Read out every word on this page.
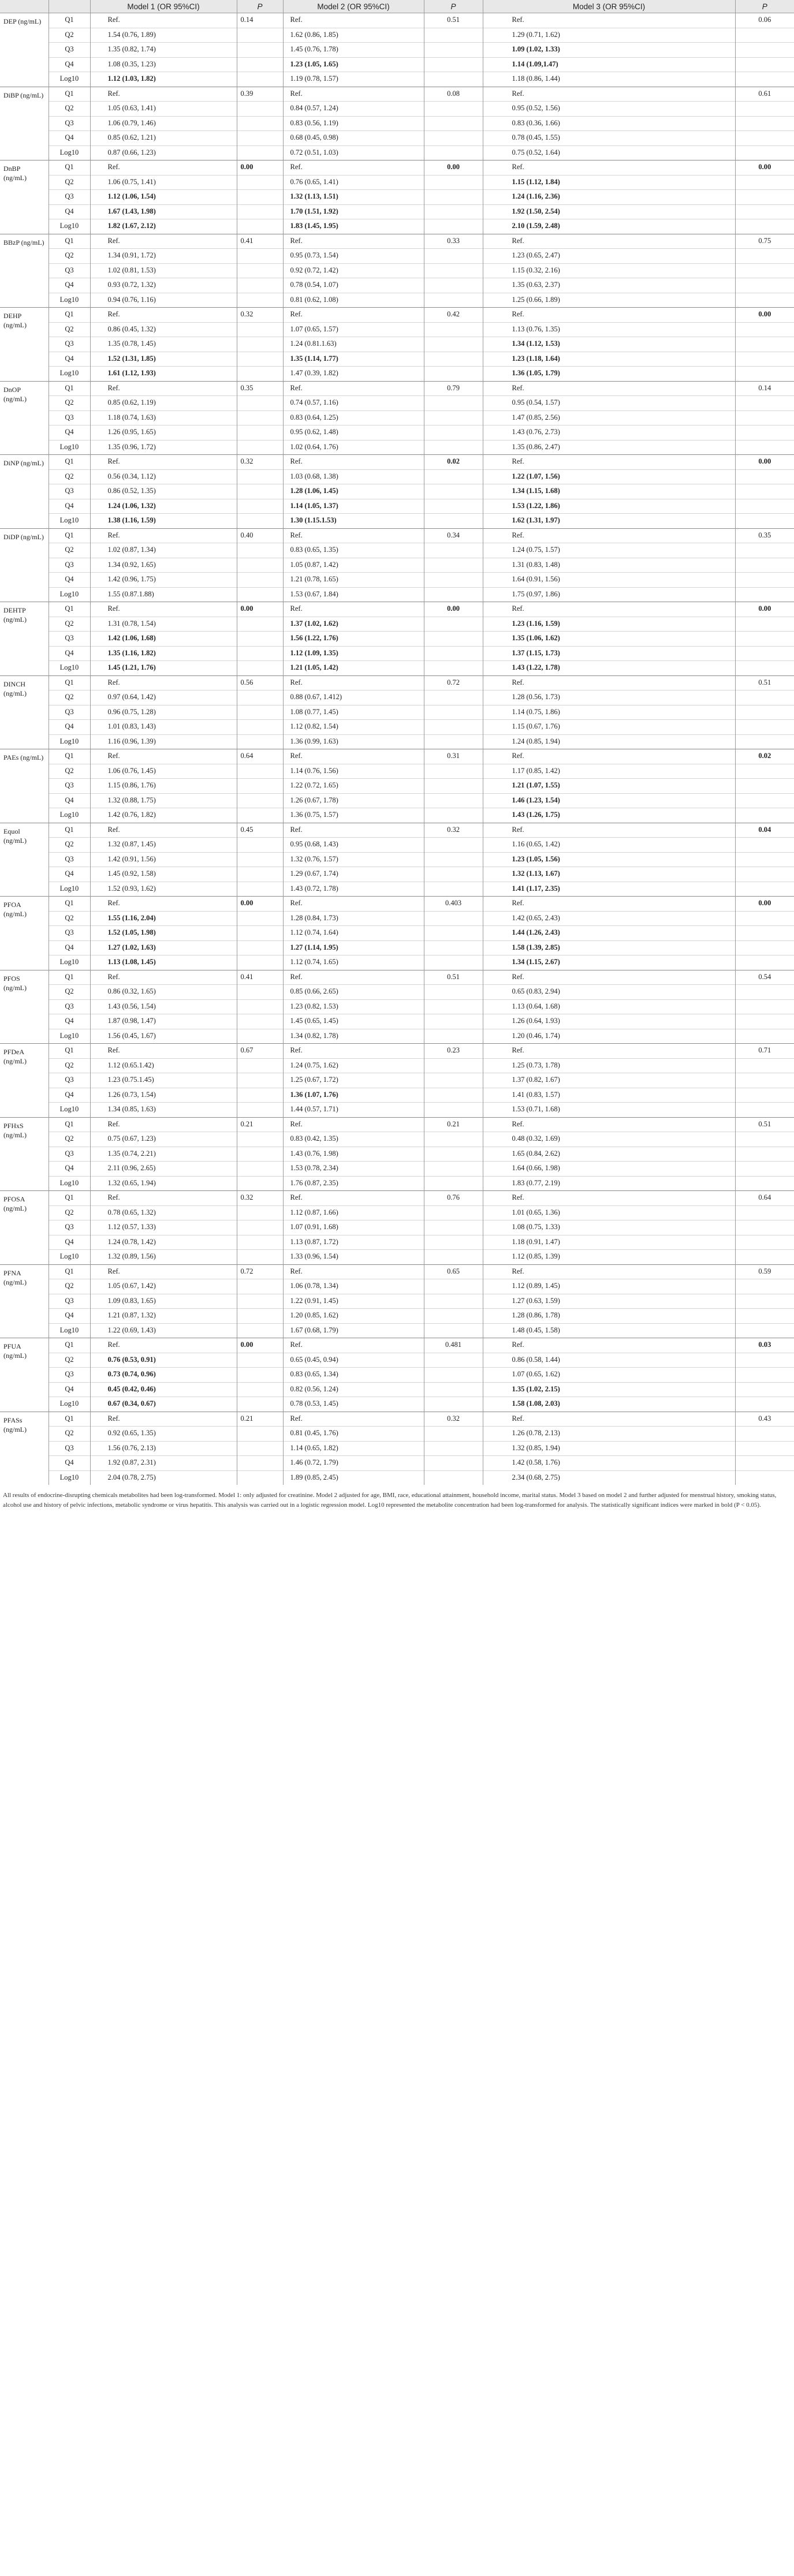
		Model 1 (OR 95%CI)	P	Model 2 (OR 95%CI)	P	Model 3 (OR 95%CI)	P
DEP (ng/mL)	Q1	Ref.	0.14	Ref.	0.51	Ref.	0.06
	Q2	1.54 (0.76, 1.89)		1.62 (0.86, 1.85)		1.29 (0.71, 1.62)	
	Q3	1.35 (0.82, 1.74)		1.45 (0.76, 1.78)		1.09 (1.02, 1.33)	
	Q4	1.08 (0.35, 1.23)		1.23 (1.05, 1.65)		1.14 (1.09,1.47)	
	Log10	1.12 (1.03, 1.82)		1.19 (0.78, 1.57)		1.18 (0.86, 1.44)	
DiBP (ng/mL)	Q1	Ref.	0.39	Ref.	0.08	Ref.	0.61
	Q2	1.05 (0.63, 1.41)		0.84 (0.57, 1.24)		0.95 (0.52, 1.56)	
	Q3	1.06 (0.79, 1.46)		0.83 (0.56, 1.19)		0.83 (0.36, 1.66)	
	Q4	0.85 (0.62, 1.21)		0.68 (0.45, 0.98)		0.78 (0.45, 1.55)	
	Log10	0.87 (0.66, 1.23)		0.72 (0.51, 1.03)		0.75 (0.52, 1.64)	
DnBP (ng/mL)	Q1	Ref.	0.00	Ref.	0.00	Ref.	0.00
	Q2	1.06 (0.75, 1.41)		0.76 (0.65, 1.41)		1.15 (1.12, 1.84)	
	Q3	1.12 (1.06, 1.54)		1.32 (1.13, 1.51)		1.24 (1.16, 2.36)	
	Q4	1.67 (1.43, 1.98)		1.70 (1.51, 1.92)		1.92 (1.50, 2.54)	
	Log10	1.82 (1.67, 2.12)		1.83 (1.45, 1.95)		2.10 (1.59, 2.48)	
BBzP (ng/mL)	Q1	Ref.	0.41	Ref.	0.33	Ref.	0.75
	Q2	1.34 (0.91, 1.72)		0.95 (0.73, 1.54)		1.23 (0.65, 2.47)	
	Q3	1.02 (0.81, 1.53)		0.92 (0.72, 1.42)		1.15 (0.32, 2.16)	
	Q4	0.93 (0.72, 1.32)		0.78 (0.54, 1.07)		1.35 (0.63, 2.37)	
	Log10	0.94 (0.76, 1.16)		0.81 (0.62, 1.08)		1.25 (0.66, 1.89)	
DEHP (ng/mL)	Q1	Ref.	0.32	Ref.	0.42	Ref.	0.00
	Q2	0.86 (0.45, 1.32)		1.07 (0.65, 1.57)		1.13 (0.76, 1.35)	
	Q3	1.35 (0.78, 1.45)		1.24 (0.81.1.63)		1.34 (1.12, 1.53)	
	Q4	1.52 (1.31, 1.85)		1.35 (1.14, 1.77)		1.23 (1.18, 1.64)	
	Log10	1.61 (1.12, 1.93)		1.47 (0.39, 1.82)		1.36 (1.05, 1.79)	
DnOP (ng/mL)	Q1	Ref.	0.35	Ref.	0.79	Ref.	0.14
	Q2	0.85 (0.62, 1.19)		0.74 (0.57, 1.16)		0.95 (0.54, 1.57)	
	Q3	1.18 (0.74, 1.63)		0.83 (0.64, 1.25)		1.47 (0.85, 2.56)	
	Q4	1.26 (0.95, 1.65)		0.95 (0.62, 1.48)		1.43 (0.76, 2.73)	
	Log10	1.35 (0.96, 1.72)		1.02 (0.64, 1.76)		1.35 (0.86, 2.47)	
DiNP (ng/mL)	Q1	Ref.	0.32	Ref.	0.02	Ref.	0.00
	Q2	0.56 (0.34, 1.12)		1.03 (0.68, 1.38)		1.22 (1.07, 1.56)	
	Q3	0.86 (0.52, 1.35)		1.28 (1.06, 1.45)		1.34 (1.15, 1.68)	
	Q4	1.24 (1.06, 1.32)		1.14 (1.05, 1.37)		1.53 (1.22, 1.86)	
	Log10	1.38 (1.16, 1.59)		1.30 (1.15.1.53)		1.62 (1.31, 1.97)	
DiDP (ng/mL)	Q1	Ref.	0.40	Ref.	0.34	Ref.	0.35
	Q2	1.02 (0.87, 1.34)		0.83 (0.65, 1.35)		1.24 (0.75, 1.57)	
	Q3	1.34 (0.92, 1.65)		1.05 (0.87, 1.42)		1.31 (0.83, 1.48)	
	Q4	1.42 (0.96, 1.75)		1.21 (0.78, 1.65)		1.64 (0.91, 1.56)	
	Log10	1.55 (0.87.1.88)		1.53 (0.67, 1.84)		1.75 (0.97, 1.86)	
DEHTP (ng/mL)	Q1	Ref.	0.00	Ref.	0.00	Ref.	0.00
	Q2	1.31 (0.78, 1.54)		1.37 (1.02, 1.62)		1.23 (1.16, 1.59)	
	Q3	1.42 (1.06, 1.68)		1.56 (1.22, 1.76)		1.35 (1.06, 1.62)	
	Q4	1.35 (1.16, 1.82)		1.12 (1.09, 1.35)		1.37 (1.15, 1.73)	
	Log10	1.45 (1.21, 1.76)		1.21 (1.05, 1.42)		1.43 (1.22, 1.78)	
DINCH (ng/mL)	Q1	Ref.	0.56	Ref.	0.72	Ref.	0.51
	Q2	0.97 (0.64, 1.42)		0.88 (0.67, 1.412)		1.28 (0.56, 1.73)	
	Q3	0.96 (0.75, 1.28)		1.08 (0.77, 1.45)		1.14 (0.75, 1.86)	
	Q4	1.01 (0.83, 1.43)		1.12 (0.82, 1.54)		1.15 (0.67, 1.76)	
	Log10	1.16 (0.96, 1.39)		1.36 (0.99, 1.63)		1.24 (0.85, 1.94)	
PAEs (ng/mL)	Q1	Ref.	0.64	Ref.	0.31	Ref.	0.02
	Q2	1.06 (0.76, 1.45)		1.14 (0.76, 1.56)		1.17 (0.85, 1.42)	
	Q3	1.15 (0.86, 1.76)		1.22 (0.72, 1.65)		1.21 (1.07, 1.55)	
	Q4	1.32 (0.88, 1.75)		1.26 (0.67, 1.78)		1.46 (1.23, 1.54)	
	Log10	1.42 (0.76, 1.82)		1.36 (0.75, 1.57)		1.43 (1.26, 1.75)	
Equol (ng/mL)	Q1	Ref.	0.45	Ref.	0.32	Ref.	0.04
	Q2	1.32 (0.87, 1.45)		0.95 (0.68, 1.43)		1.16 (0.65, 1.42)	
	Q3	1.42 (0.91, 1.56)		1.32 (0.76, 1.57)		1.23 (1.05, 1.56)	
	Q4	1.45 (0.92, 1.58)		1.29 (0.67, 1.74)		1.32 (1.13, 1.67)	
	Log10	1.52 (0.93, 1.62)		1.43 (0.72, 1.78)		1.41 (1.17, 2.35)	
PFOA (ng/mL)	Q1	Ref.	0.00	Ref.	0.403	Ref.	0.00
	Q2	1.55 (1.16, 2.04)		1.28 (0.84, 1.73)		1.42 (0.65, 2.43)	
	Q3	1.52 (1.05, 1.98)		1.12 (0.74, 1.64)		1.44 (1.26, 2.43)	
	Q4	1.27 (1.02, 1.63)		1.27 (1.14, 1.95)		1.58 (1.39, 2.85)	
	Log10	1.13 (1.08, 1.45)		1.12 (0.74, 1.65)		1.34 (1.15, 2.67)	
PFOS (ng/mL)	Q1	Ref.	0.41	Ref.	0.51	Ref.	0.54
	Q2	0.86 (0.32, 1.65)		0.85 (0.66, 2.65)		0.65 (0.83, 2.94)	
	Q3	1.43 (0.56, 1.54)		1.23 (0.82, 1.53)		1.13 (0.64, 1.68)	
	Q4	1.87 (0.98, 1.47)		1.45 (0.65, 1.45)		1.26 (0.64, 1.93)	
	Log10	1.56 (0.45, 1.67)		1.34 (0.82, 1.78)		1.20 (0.46, 1.74)	
PFDeA (ng/mL)	Q1	Ref.	0.67	Ref.	0.23	Ref.	0.71
	Q2	1.12 (0.65.1.42)		1.24 (0.75, 1.62)		1.25 (0.73, 1.78)	
	Q3	1.23 (0.75.1.45)		1.25 (0.67, 1.72)		1.37 (0.82, 1.67)	
	Q4	1.26 (0.73, 1.54)		1.36 (1.07, 1.76)		1.41 (0.83, 1.57)	
	Log10	1.34 (0.85, 1.63)		1.44 (0.57, 1.71)		1.53 (0.71, 1.68)	
PFHxS (ng/mL)	Q1	Ref.	0.21	Ref.	0.21	Ref.	0.51
	Q2	0.75 (0.67, 1.23)		0.83 (0.42, 1.35)		0.48 (0.32, 1.69)	
	Q3	1.35 (0.74, 2.21)		1.43 (0.76, 1.98)		1.65 (0.84, 2.62)	
	Q4	2.11 (0.96, 2.65)		1.53 (0.78, 2.34)		1.64 (0.66, 1.98)	
	Log10	1.32 (0.65, 1.94)		1.76 (0.87, 2.35)		1.83 (0.77, 2.19)	
PFOSA (ng/mL)	Q1	Ref.	0.32	Ref.	0.76	Ref.	0.64
	Q2	0.78 (0.65, 1.32)		1.12 (0.87, 1.66)		1.01 (0.65, 1.36)	
	Q3	1.12 (0.57, 1.33)		1.07 (0.91, 1.68)		1.08 (0.75, 1.33)	
	Q4	1.24 (0.78, 1.42)		1.13 (0.87, 1.72)		1.18 (0.91, 1.47)	
	Log10	1.32 (0.89, 1.56)		1.33 (0.96, 1.54)		1.12 (0.85, 1.39)	
PFNA (ng/mL)	Q1	Ref.	0.72	Ref.	0.65	Ref.	0.59
	Q2	1.05 (0.67, 1.42)		1.06 (0.78, 1.34)		1.12 (0.89, 1.45)	
	Q3	1.09 (0.83, 1.65)		1.22 (0.91, 1.45)		1.27 (0.63, 1.59)	
	Q4	1.21 (0.87, 1.32)		1.20 (0.85, 1.62)		1.28 (0.86, 1.78)	
	Log10	1.22 (0.69, 1.43)		1.67 (0.68, 1.79)		1.48 (0.45, 1.58)	
PFUA (ng/mL)	Q1	Ref.	0.00	Ref.	0.481	Ref.	0.03
	Q2	0.76 (0.53, 0.91)		0.65 (0.45, 0.94)		0.86 (0.58, 1.44)	
	Q3	0.73 (0.74, 0.96)		0.83 (0.65, 1.34)		1.07 (0.65, 1.62)	
	Q4	0.45 (0.42, 0.46)		0.82 (0.56, 1.24)		1.35 (1.02, 2.15)	
	Log10	0.67 (0.34, 0.67)		0.78 (0.53, 1.45)		1.58 (1.08, 2.03)	
PFASs (ng/mL)	Q1	Ref.	0.21	Ref.	0.32	Ref.	0.43
	Q2	0.92 (0.65, 1.35)		0.81 (0.45, 1.76)		1.26 (0.78, 2.13)	
	Q3	1.56 (0.76, 2.13)		1.14 (0.65, 1.82)		1.32 (0.85, 1.94)	
	Q4	1.92 (0.87, 2.31)		1.46 (0.72, 1.79)		1.42 (0.58, 1.76)	
	Log10	2.04 (0.78, 2.75)		1.89 (0.85, 2.45)		2.34 (0.68, 2.75)	
All results of endocrine-disrupting chemicals metabolites had been log-transformed. Model 1: only adjusted for creatinine. Model 2 adjusted for age, BMI, race, educational attainment, household income, marital status. Model 3 based on model 2 and further adjusted for menstrual history, smoking status, alcohol use and history of pelvic infections, metabolic syndrome or virus hepatitis. This analysis was carried out in a logistic regression model. Log10 represented the metabolite concentration had been log-transformed for analysis. The statistically significant indices were marked in bold (P < 0.05).
